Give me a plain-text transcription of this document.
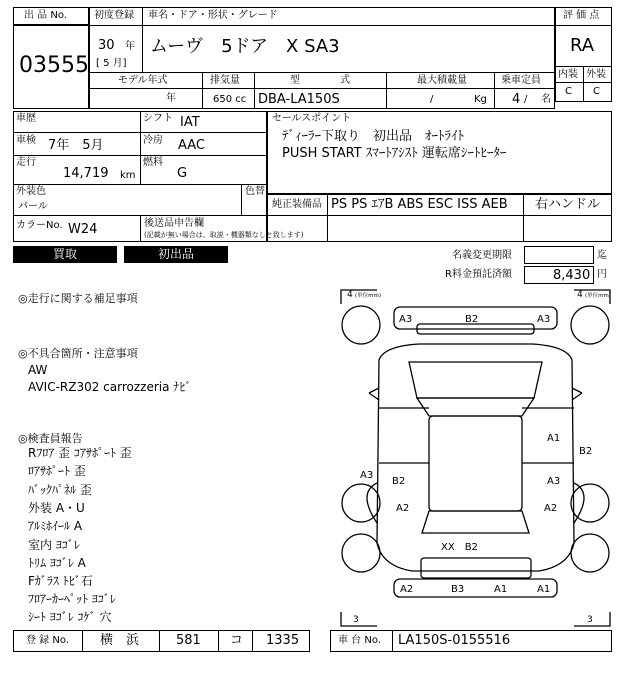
出 品 No.
03555
初度登録
30 年
[ 5 月]
車名・ドア・形状・グレード
ムーヴ　5ドア　X SA3
モデル年式
年
排気量
650 cc
型　　　　式
DBA-LA150S
最大積載量
/	Kg
乗車定員
4 / 名
評 価 点
RA
内装 外装
C C
車歴
車検 7年　5月
シフト IAT
冷房 AAC
走行
14,719 km
燃料
G
外装色
パール
色替
カラーNo. W24	後送品申告欄
(記載が無い場合は、取説・機器類なしと致します)
セールスポイント
ﾃﾞｨｰﾗｰ下取り　初出品　ｵｰﾄﾗｲﾄ
PUSH START ｽﾏｰﾄｱｼｽﾄ 運転席ｼｰﾄﾋｰﾀｰ
純正装備品 PS PS ｴｱB ABS ESC ISS AEB 右ハンドル
買取	初出品	名義変更期限	迄
R料金預託済額	8,430 円
◎走行に関する補足事項
◎不具合箇所・注意事項
AW
AVIC-RZ302 carrozzeria ﾅﾋﾞ
◎検査員報告
Rﾌﾛｱ 歪 ｺｱｻﾎﾟｰﾄ 歪
ﾛｱｻﾎﾟｰﾄ 歪
ﾊﾞｯｸﾊﾟﾈﾙ 歪
外装 A・U
ｱﾙﾐﾎｲｰﾙ A
室内 ﾖｺﾞﾚ
ﾄﾘﾑ ﾖｺﾞﾚ A
Fｶﾞﾗｽ ﾄﾋﾞ石
ﾌﾛｱｰｶｰﾍﾟｯﾄ ﾖｺﾞﾚ
ｼｰﾄ ﾖｺﾞﾚ ｺｹﾞ 穴
4 (単位mm)	4 (単位mm)
3	3
A3	B2	A3
A1
B2
A3
A3
B2
A2	A2
XX　B2
A2	B3	A1	A1
登 録 No. 横　浜	581 コ 1335	車 台 No. LA150S-0155516
